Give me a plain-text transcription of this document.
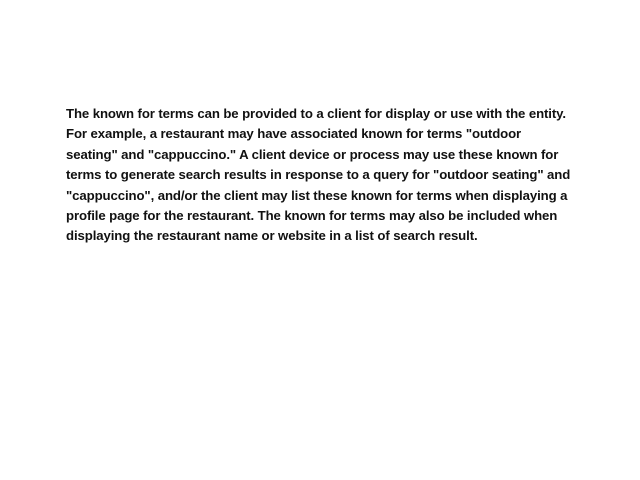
The known for terms can be provided to a client for display or use with the entity.
For example, a restaurant may have associated known for terms "outdoor
seating" and "cappuccino." A client device or process may use these known for
terms to generate search results in response to a query for "outdoor seating" and
"cappuccino", and/or the client may list these known for terms when displaying a
profile page for the restaurant. The known for terms may also be included when
displaying the restaurant name or website in a list of search result.
